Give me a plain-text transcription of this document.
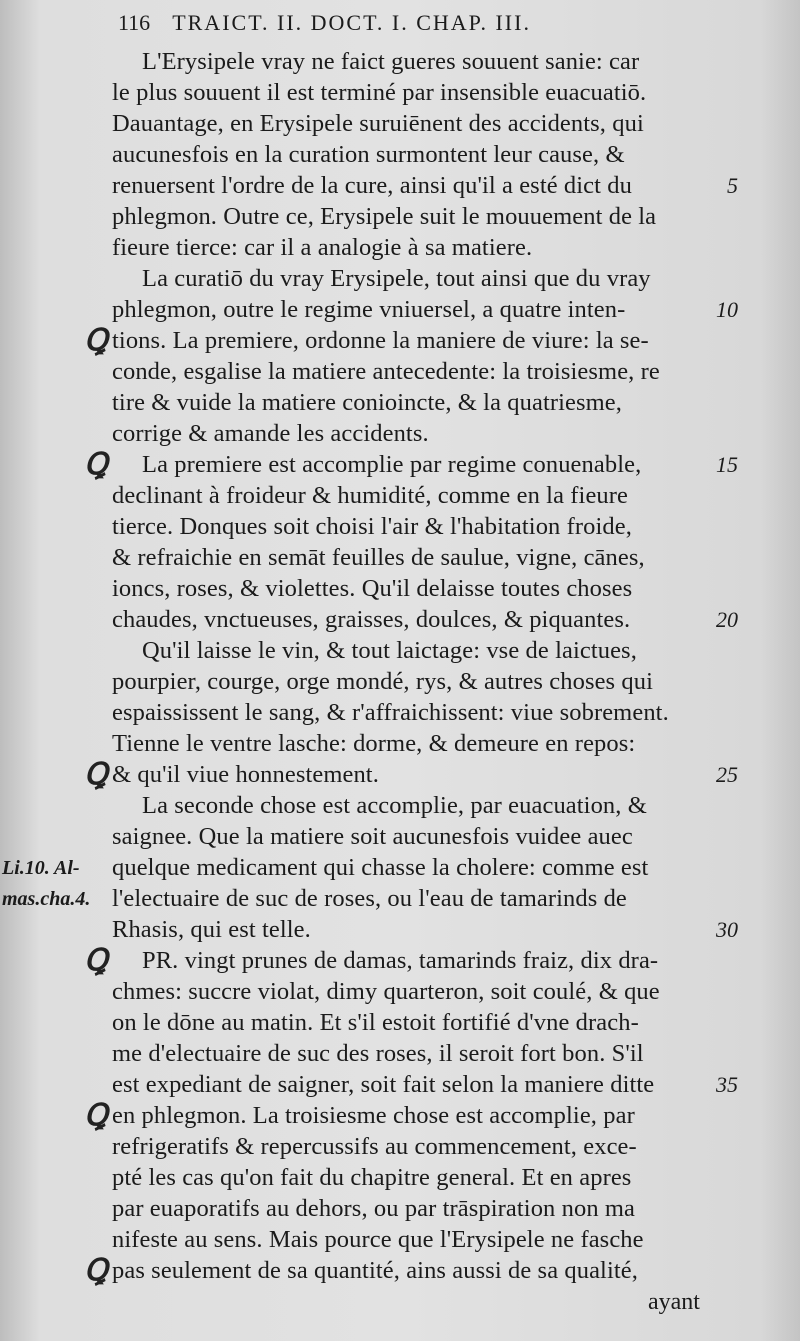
116 TRAICT. II. DOCT. I. CHAP. III.
L'Erysipele vray ne faict gueres souuent sanie: car
le plus souuent il est terminé par insensible euacuatiō.
Dauantage, en Erysipele suruiēnent des accidents, qui
aucunesfois en la curation surmontent leur cause, &
renuersent l'ordre de la cure, ainsi qu'il a esté dict du
phlegmon. Outre ce, Erysipele suit le mouuement de la
fieure tierce: car il a analogie à sa matiere.
La curatiō du vray Erysipele, tout ainsi que du vray
phlegmon, outre le regime vniuersel, a quatre inten-
tions. La premiere, ordonne la maniere de viure: la se-
conde, esgalise la matiere antecedente: la troisiesme, re
tire & vuide la matiere conioincte, & la quatriesme,
corrige & amande les accidents.
La premiere est accomplie par regime conuenable,
declinant à froideur & humidité, comme en la fieure
tierce. Donques soit choisi l'air & l'habitation froide,
& refraichie en semāt feuilles de saulue, vigne, cānes,
ioncs, roses, & violettes. Qu'il delaisse toutes choses
chaudes, vnctueuses, graisses, doulces, & piquantes.
Qu'il laisse le vin, & tout laictage: vse de laictues,
pourpier, courge, orge mondé, rys, & autres choses qui
espaississent le sang, & r'affraichissent: viue sobrement.
Tienne le ventre lasche: dorme, & demeure en repos:
& qu'il viue honnestement.
La seconde chose est accomplie, par euacuation, &
saignee. Que la matiere soit aucunesfois vuidee auec
quelque medicament qui chasse la cholere: comme est
l'electuaire de suc de roses, ou l'eau de tamarinds de
Rhasis, qui est telle.
PR. vingt prunes de damas, tamarinds fraiz, dix dra-
chmes: succre violat, dimy quarteron, soit coulé, & que
on le dōne au matin. Et s'il estoit fortifié d'vne drach-
me d'electuaire de suc des roses, il seroit fort bon. S'il
est expediant de saigner, soit fait selon la maniere ditte
en phlegmon. La troisiesme chose est accomplie, par
refrigeratifs & repercussifs au commencement, exce-
pté les cas qu'on fait du chapitre general. Et en apres
par euaporatifs au dehors, ou par trāspiration non ma
nifeste au sens. Mais pource que l'Erysipele ne fasche
pas seulement de sa quantité, ains aussi de sa qualité,
ayant
5
10
15
20
25
30
35
Ꝗ
Ꝗ
Ꝗ
Ꝗ
Ꝗ
Ꝗ
Li.10. Al-
mas.cha.4.
